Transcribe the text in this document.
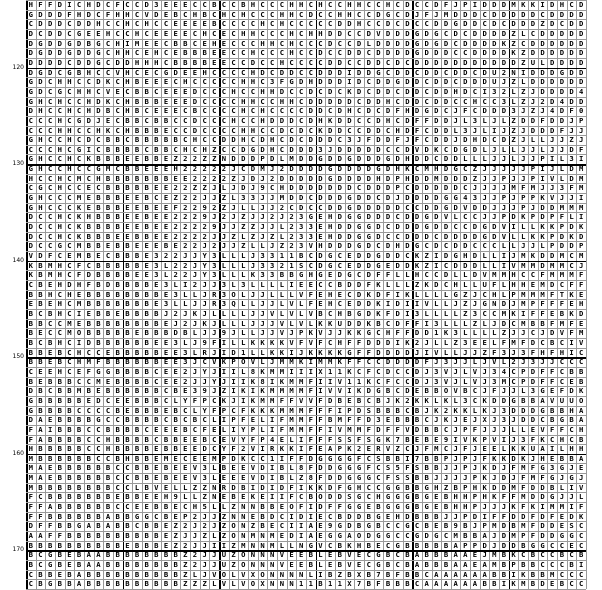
120
130
140
150
160
170
H F F D I C H D C F C C D 3 E E E C C B C C B H C C C H H C H C C H H C C H C D C C D F J P I D D D M K K I D H C D
G D D D F H D C F H H C V D E B C H B C H C H C C C H H C D C C H H C C D G C D J F J M D D D C D D D D D C D D D D
C D D D C D D H C C H C H C C E E E E B C C C C H C H C C C C C D D H C C D C D C C D D G D D C D C D D D Z D C D D
D C D D C G E E H C C H C E E E E C H C E C H H C C C H C H H D D C C D V D D D G D G C D C D D D D Z L C D D D D D
D G D D G D B G C H I M E E C B B C E H E C C C H H C H C C C D C C D L D D D D G D G D C D D D D K Z C D D D D D D
D G D D G D D G C H H C E H C E B B B E E C C H C C C H C C D C C D D C D D D D G D D D C C D D D D K Z D D D D D D
D D D D C D D G C D D H H H C B B B B E E C C D C C H C C C C D D C C D D C D C D D D D D D D D D D D Z U L D D D D
D G D C G B H C C V H C E C G D E E H C C C C H D C D D C C D D D I D D G C D D C D D C D D C D U 2 N I D D D G D D
G D C H H C C D K C H B E E E C H C C C C C H H C 3 F G D H D D D I D C D D G D D C D D C D D D U J Z L D D D D D D
G D C G C H H C V E C B B C E E E D C C C H C C H H D C C D C D C K D C D D C D D C D D H D C I 3 2 L Z J D D D D 4
G H C H C C H D K C H B B B E E E D C C C C H H C C H H C D D D D D C D D H C D D C D D C C H C C 3 L Z J 2 D 4 D D
D H C C H C H D B C H B C E E E C B C C C C H C H C C C C D D C D H C D C D F H D G D C J F C D D D 3 J Z J 4 D F 0
C C C H C G D J E C B B C B B C C D C C C H C C H D D D C D H K D D C C D H C D F F D D J L 3 L J L Z D D F D D J P
C C C H H C C H K C H B B B E C C D C C C C H H C C D C D C K D D C C D D C H D F C D D L 3 J L I J Z J D D D F J J
G H C C H C D C B B C B B B B B C H C C D D H C D H C D C D D D C 3 J F D D F J F C D D J D H D C D Z J L L J J Z J
C C C H C G I C B B B B C B B C H C H Z C C D G D H C D D D 3 J D D D D D C C D V D K C D G D L J L L J J L J J D F
G H C C H C K B B B E E B B E Z 2 2 Z Z N D D D P D L M D D G D D G D D D G D H D D C D D L L L J J L J J P I L 3 I
G H C C H C C G M C B B E E E H 2 2 2 2 2 J C D M J 2 D D D D G D D D D G D H K C M H D G C Z J J J J J P I J L D M
H C C H C M C H B B B B B B B E E 2 2 2 2 Z J D J 2 D D D D D G D D D D H D P H D D M D D D Z J J P J J P I V L D M
C G C H C C E C B B B B B E E 2 2 Z Z J L J D J 9 C H D D D D D D D C D D D P C D D D D D C J J J J M F M J J 3 F M
G H C C C M E B B B E E B C E Z 2 2 J J Z L 3 3 J J M D D C D D D G D D C D J D D D D G G 4 3 J J P J P P K V J J I
G H C C C K E B B B E E B E E F 2 2 9 2 Z J L L J J 2 C D C C D D G D D D D D C C D D G D V D D J J J P J D D M M M
D C C H C K H B B B E E B E E 2 2 2 9 J 2 J Z J J 2 J 2 3 G E H D G G D D D C D D G D V L C C J J P D K P D P F L I
D C C H C K B B B B E E B E E 2 2 2 2 9 J J Z Z J J L 2 3 3 E H D D G G D C D D D G D D C C D G D V I L L K K P D K
D C C H C K B B B E E B B E E 2 2 2 2 J J Z L Z J Z L 2 3 3 E H D D G G D C C D D D C D D D D G D V L L K K P D K D
D C C G C M B B E B B E E E B E 2 2 J 2 J J Z L L J Z 2 3 V H D D D G D C D H D G C D C D D C C C L L J J L P D D P
V D F C E M B E C B B B E 3 2 2 J J Y 3 L L L J 3 3 1 1 B C D G C E D D G D D C K Z I D G H D L L I J M K D D M C M
K B M H C F C B B B B B E 3 L 2 2 J Y 3 L L L J 3 3 2 1 S C D G C E D D G E D D K Z I C D D D L L I V M M D M M C J
K B M H C F D B B B B E E 3 L 2 2 J Y 3 L L L K 3 3 B B G H G E D G C D F F L L H C C D L L D V M M H C C F M M M F
C B E H D H F B D B B B B E 3 L I 2 J J 3 L 3 L L L L I E E C C B D D F K L L L Z K D C H L L U F L H H E M D C F F
B B H C H E B B B B B B B B E 3 L L J R 3 O L J J L L L V F E H E C D K D F I K L L L L G Z J C H L P M M M F T K E
E B E H C M B B B B B B B E 3 L L J J R 3 Q L L J J L V L F E H C E D D K I D I I V L L J Z J G N D J M P F F F E H
B C B H C I E B B E B B B B J 2 J K J L L L L J J V L V L V B C H B G D K F D I 3 L L L L Z 3 C C M K I F F E B K D
B B C C M E B B B B B B B B E J 2 J K J L L L J J J V L V L K K U D D K B C D F F I 3 L L L Z L J D C M B B F M F E
B E C C M O B B B B B E B B B D B L J J 9 J L L J J V J P K V J J K K G C H F F D D 1 K 3 L L L L Z J J C J D V F M
B C B H C I D B B B B B B E E 3 L J 9 F I L L K K K K V F V F C H F F D D D I K 2 J L L Z 3 E E L F M F D C B C I V
B B E B C H C C E B B B B B E E 3 L R J I D 1 L L K K I J K K K K G F F D D D D J I V L L J J Z F 3 J 3 F H F H I C
B B E B C H M F B B B B B B E E 3 J C V K P O V L J M M K I M M K F F C C D D D D F J 3 J J L J V L 2 J 3 J J C C C
C E E H C E F G G B B B B C E E 2 J Y J I I L 8 K M M I I I X 1 1 K C F C D C C D J 3 V J L V J 3 4 C P D F F C B B
B E B B B C C M E B B B B C E E 2 J J Y J I I K 8 I K M M F I I V 1 1 K C F C C D J 3 V J L V J 3 M C P D F F C E B
D B C B B M B E B B B B B B C B E 3 9 J Z I K I K M M M M F I V V I K D G B C D E B B O V B C J F J J L 3 G E F D K
G B B B B B E D C E E B B B C L Y F P C K J I K M M F F V V F D B E B C B J K 2 K K L K L 3 C K D D G B B A V U U O
G B B B B C C C C B E B B B E B C L Y F P C F K K K M M M F F F I P D S B B B C B J K 2 K K L K J 3 D D D G B B H A
D A E B B B B G C C B B B B C B C B C L I P F E L I F M M F F B M F F D 3 E B B B C J K J E J X J 3 J D D C B G B A
F A I B B B C C B B B B C E E E B C F E L I Y P L I F M M F F I V M M F D F F V D B B C J P F J J J L L E V F F C H
F A B B B B C C H B B B B C B B E E B C E V Y F P 4 E L I F F F S S F S G K 7 B E B E 9 I V K P V I J 3 F K C H C B
H B B B B B C C H B B B B E B B E E D C Y F 2 V I R K K I F E A P K 2 E R V Z C J F M C J F J E E L K K U A I L H H
M B B B B B B C C B H B B E M E C E E M P D K C C 1 I F F D G G G G F C S B B I 7 B B P J P J F K K D K J H E B B A
M A E B B B B B B C C B B E B E E V 3 L B E E V D I B L 8 F D D G G G F C S 5 F S B B J J P J K D J F M F G 3 G J E
M A E B B B B B B C C B B E B E E V 3 L E E E V D I B L Z 8 F D D G G G C F S S B B J J J J P K J D J F M F G J G J
M B B B B B B B B C C L B V E L L Z Z N R D B I D I D F I K K D F G H C C G G B B G H Z B P H K D D M F D D B L I V
F C B B B B B B B E B B E E H 9 L L Z N E B E K E I I F C B O D D S G C H G G G B G E B H H P H K F F M D D G J J L
F F A B B B B B B C C E E B B E C H 5 L L Z N N B B E O F I D F F G G E B G G G B G E B H H P J J J K F K I M M I F
F F B B B B B B A B B G G C B E P 2 J J Z N N E B D C I D I E C B D D B G E H D B B B J J P D I F F D D F D F E D K
D F F B B G A B A B B C B B E Z 2 J 2 J Z O N Z B E C I I A E 9 G D B G B C C G C B E B 9 B J P M D B M F D D E S C
A A F F B B B B B B B B B B E Z J J Z L Z O N M N M E D I A E G G A O D G G C C G D G C M B B A J D M P F D D G G C
B B B B B B B B B B E B B B E Z 2 J J I I Z M N N M L L N G V C B K H B E C G B B B B B A P P D J D D B G G C C E C
B C G B E B A A B B B B B B B B Z 2 J J U Z O N N N V E E B L E B V E C G B C B A B B B A A E J M B K C B C C B C B
B C G B E B A A B B B B B B B B Z 2 J J U Z O N N N V E E B L E B V E C G B C B A B B B A A E A M B P B B C C C B I
C B B E B A B B B B B B B B B B Z L J V O L V X O N N N N L I B Z B X B 7 B F B B C A A A A A A B B I K B B M C C C
C B G B B A B B B B B B B B B B Z Z Z L V L V O X N N N 1 1 B 1 1 X 7 B F B B B C A A A A A A B B I K M B D E B C C
